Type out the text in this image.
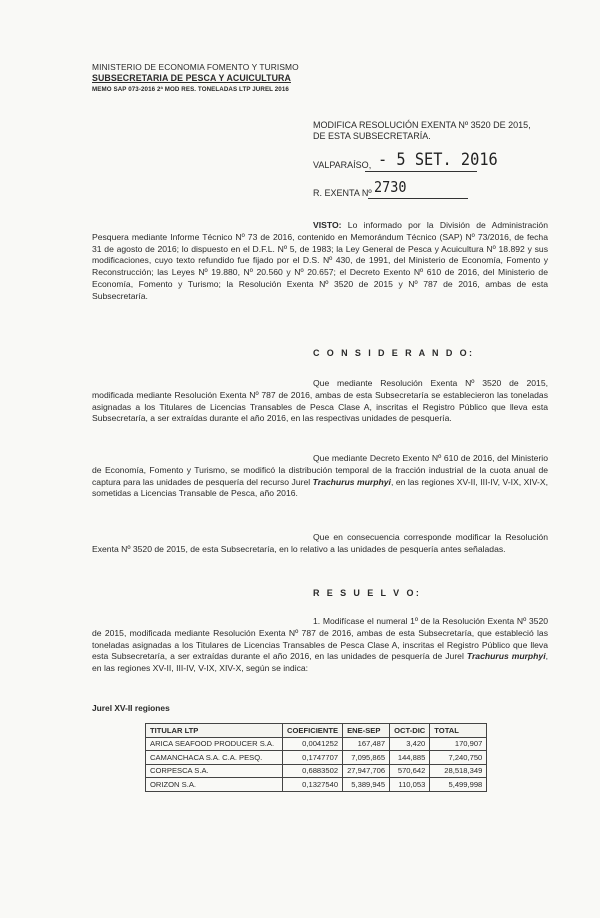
MINISTERIO DE ECONOMIA FOMENTO Y TURISMO
SUBSECRETARIA DE PESCA Y ACUICULTURA
MEMO SAP 073-2016 2ª MOD RES. TONELADAS LTP JUREL 2016
MODIFICA RESOLUCIÓN EXENTA Nº 3520 DE 2015,
DE ESTA SUBSECRETARÍA.
VALPARAÍSO, - 5 SET. 2016
R. EXENTA Nº 2730

VISTO: Lo informado por la División de Administración Pesquera mediante Informe Técnico Nº 73 de 2016, contenido en Memorándum Técnico (SAP) Nº 73/2016, de fecha 31 de agosto de 2016; lo dispuesto en el D.F.L. Nº 5, de 1983; la Ley General de Pesca y Acuicultura Nº 18.892 y sus modificaciones, cuyo texto refundido fue fijado por el D.S. Nº 430, de 1991, del Ministerio de Economía, Fomento y Reconstrucción; las Leyes Nº 19.880, Nº 20.560 y Nº 20.657; el Decreto Exento Nº 610 de 2016, del Ministerio de Economía, Fomento y Turismo; la Resolución Exenta Nº 3520 de 2015 y Nº 787 de 2016, ambas de esta Subsecretaría.

C O N S I D E R A N D O:

Que mediante Resolución Exenta Nº 3520 de 2015, modificada mediante Resolución Exenta Nº 787 de 2016, ambas de esta Subsecretaría se establecieron las toneladas asignadas a los Titulares de Licencias Transables de Pesca Clase A, inscritas el Registro Público que lleva esta Subsecretaría, a ser extraídas durante el año 2016, en las respectivas unidades de pesquería.

Que mediante Decreto Exento Nº 610 de 2016, del Ministerio de Economía, Fomento y Turismo, se modificó la distribución temporal de la fracción industrial de la cuota anual de captura para las unidades de pesquería del recurso Jurel Trachurus murphyi, en las regiones XV-II, III-IV, V-IX, XIV-X, sometidas a Licencias Transable de Pesca, año 2016.

Que en consecuencia corresponde modificar la Resolución Exenta Nº 3520 de 2015, de esta Subsecretaría, en lo relativo a las unidades de pesquería antes señaladas.

R E S U E L V O:

1. Modifícase el numeral 1º de la Resolución Exenta Nº 3520 de 2015, modificada mediante Resolución Exenta Nº 787 de 2016, ambas de esta Subsecretaría, que estableció las toneladas asignadas a los Titulares de Licencias Transables de Pesca Clase A, inscritas el Registro Público que lleva esta Subsecretaría, a ser extraídas durante el año 2016, en las unidades de pesquería de Jurel Trachurus murphyi, en las regiones XV-II, III-IV, V-IX, XIV-X, según se indica:

Jurel XV-II regiones
TITULAR LTP	COEFICIENTE	ENE-SEP	OCT-DIC	TOTAL
ARICA SEAFOOD PRODUCER S.A.	0,0041252	167,487	3,420	170,907
CAMANCHACA S.A. C.A. PESQ.	0,1747707	7,095,865	144,885	7,240,750
CORPESCA S.A.	0,6883502	27,947,706	570,642	28,518,349
ORIZON S.A.	0,1327540	5,389,945	110,053	5,499,998
